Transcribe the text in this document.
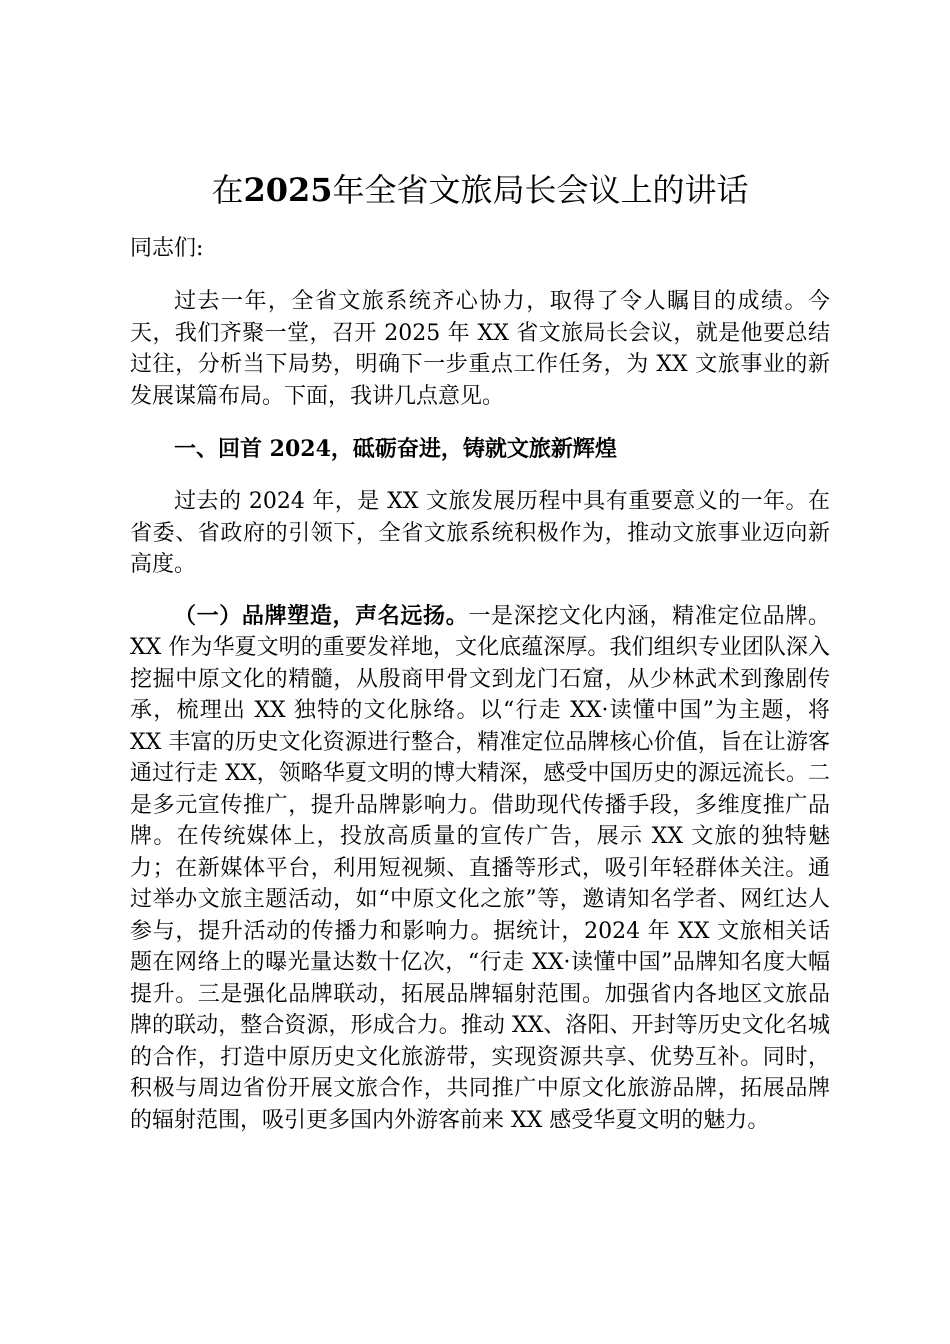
在2025年全省文旅局长会议上的讲话

同志们:

过去一年，全省文旅系统齐心协力，取得了令人瞩目的成绩。今天，我们齐聚一堂，召开 2025 年 XX 省文旅局长会议，就是他要总结过往，分析当下局势，明确下一步重点工作任务，为 XX 文旅事业的新发展谋篇布局。下面，我讲几点意见。

一、回首 2024，砥砺奋进，铸就文旅新辉煌

过去的 2024 年，是 XX 文旅发展历程中具有重要意义的一年。在省委、省政府的引领下，全省文旅系统积极作为，推动文旅事业迈向新高度。

（一）品牌塑造，声名远扬。一是深挖文化内涵，精准定位品牌。XX 作为华夏文明的重要发祥地，文化底蕴深厚。我们组织专业团队深入挖掘中原文化的精髓，从殷商甲骨文到龙门石窟，从少林武术到豫剧传承，梳理出 XX 独特的文化脉络。以“行走 XX·读懂中国”为主题，将 XX 丰富的历史文化资源进行整合，精准定位品牌核心价值，旨在让游客通过行走 XX，领略华夏文明的博大精深，感受中国历史的源远流长。二是多元宣传推广，提升品牌影响力。借助现代传播手段，多维度推广品牌。在传统媒体上，投放高质量的宣传广告，展示 XX 文旅的独特魅力；在新媒体平台，利用短视频、直播等形式，吸引年轻群体关注。通过举办文旅主题活动，如“中原文化之旅”等，邀请知名学者、网红达人参与，提升活动的传播力和影响力。据统计，2024 年 XX 文旅相关话题在网络上的曝光量达数十亿次，“行走 XX·读懂中国”品牌知名度大幅提升。三是强化品牌联动，拓展品牌辐射范围。加强省内各地区文旅品牌的联动，整合资源，形成合力。推动 XX、洛阳、开封等历史文化名城的合作，打造中原历史文化旅游带，实现资源共享、优势互补。同时，积极与周边省份开展文旅合作，共同推广中原文化旅游品牌，拓展品牌的辐射范围，吸引更多国内外游客前来 XX 感受华夏文明的魅力。
